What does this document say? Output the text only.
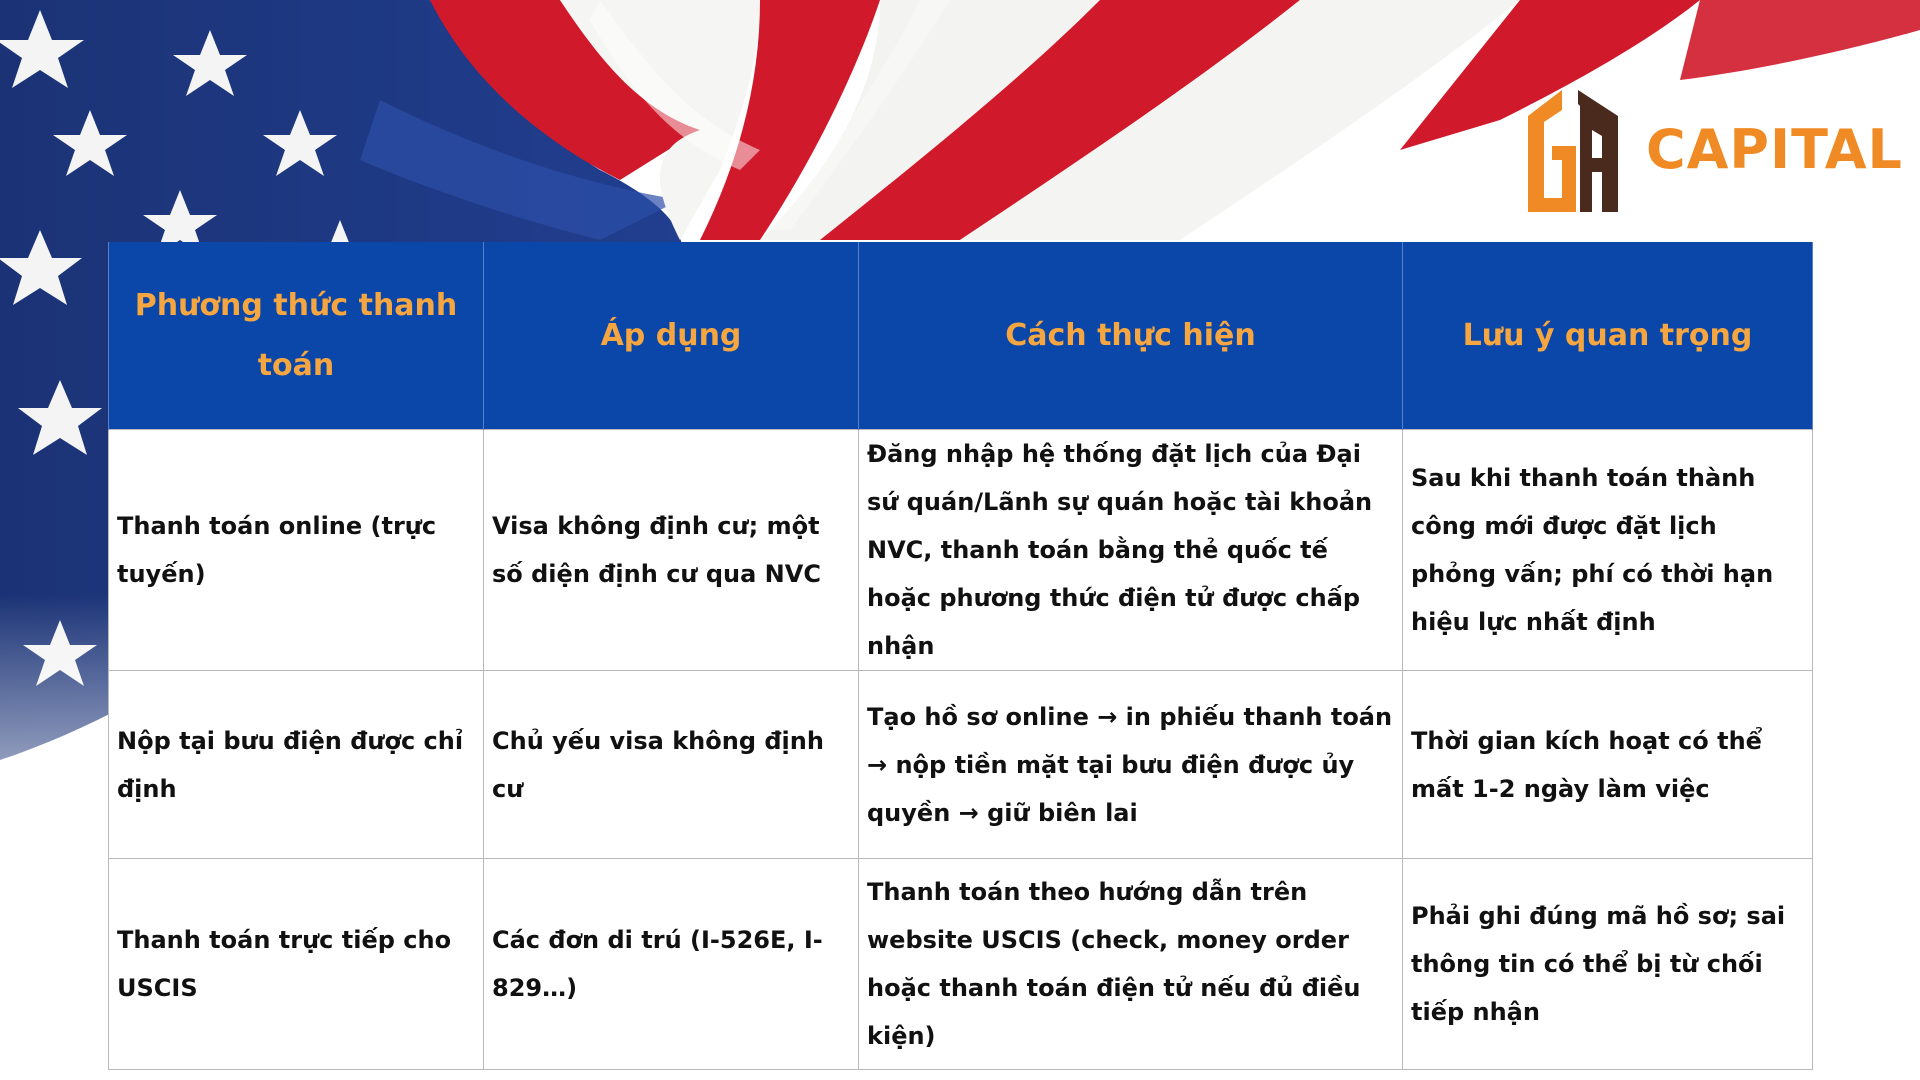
CAPITAL
Phương thức thanh toán	Áp dụng	Cách thực hiện	Lưu ý quan trọng
Thanh toán online (trực tuyến)	Visa không định cư; một số diện định cư qua NVC	Đăng nhập hệ thống đặt lịch của Đại sứ quán/Lãnh sự quán hoặc tài khoản NVC, thanh toán bằng thẻ quốc tế hoặc phương thức điện tử được chấp nhận	Sau khi thanh toán thành công mới được đặt lịch phỏng vấn; phí có thời hạn hiệu lực nhất định
Nộp tại bưu điện được chỉ định	Chủ yếu visa không định cư	Tạo hồ sơ online → in phiếu thanh toán → nộp tiền mặt tại bưu điện được ủy quyền → giữ biên lai	Thời gian kích hoạt có thể mất 1-2 ngày làm việc
Thanh toán trực tiếp cho USCIS	Các đơn di trú (I-526E, I-829…)	Thanh toán theo hướng dẫn trên website USCIS (check, money order hoặc thanh toán điện tử nếu đủ điều kiện)	Phải ghi đúng mã hồ sơ; sai thông tin có thể bị từ chối tiếp nhận
